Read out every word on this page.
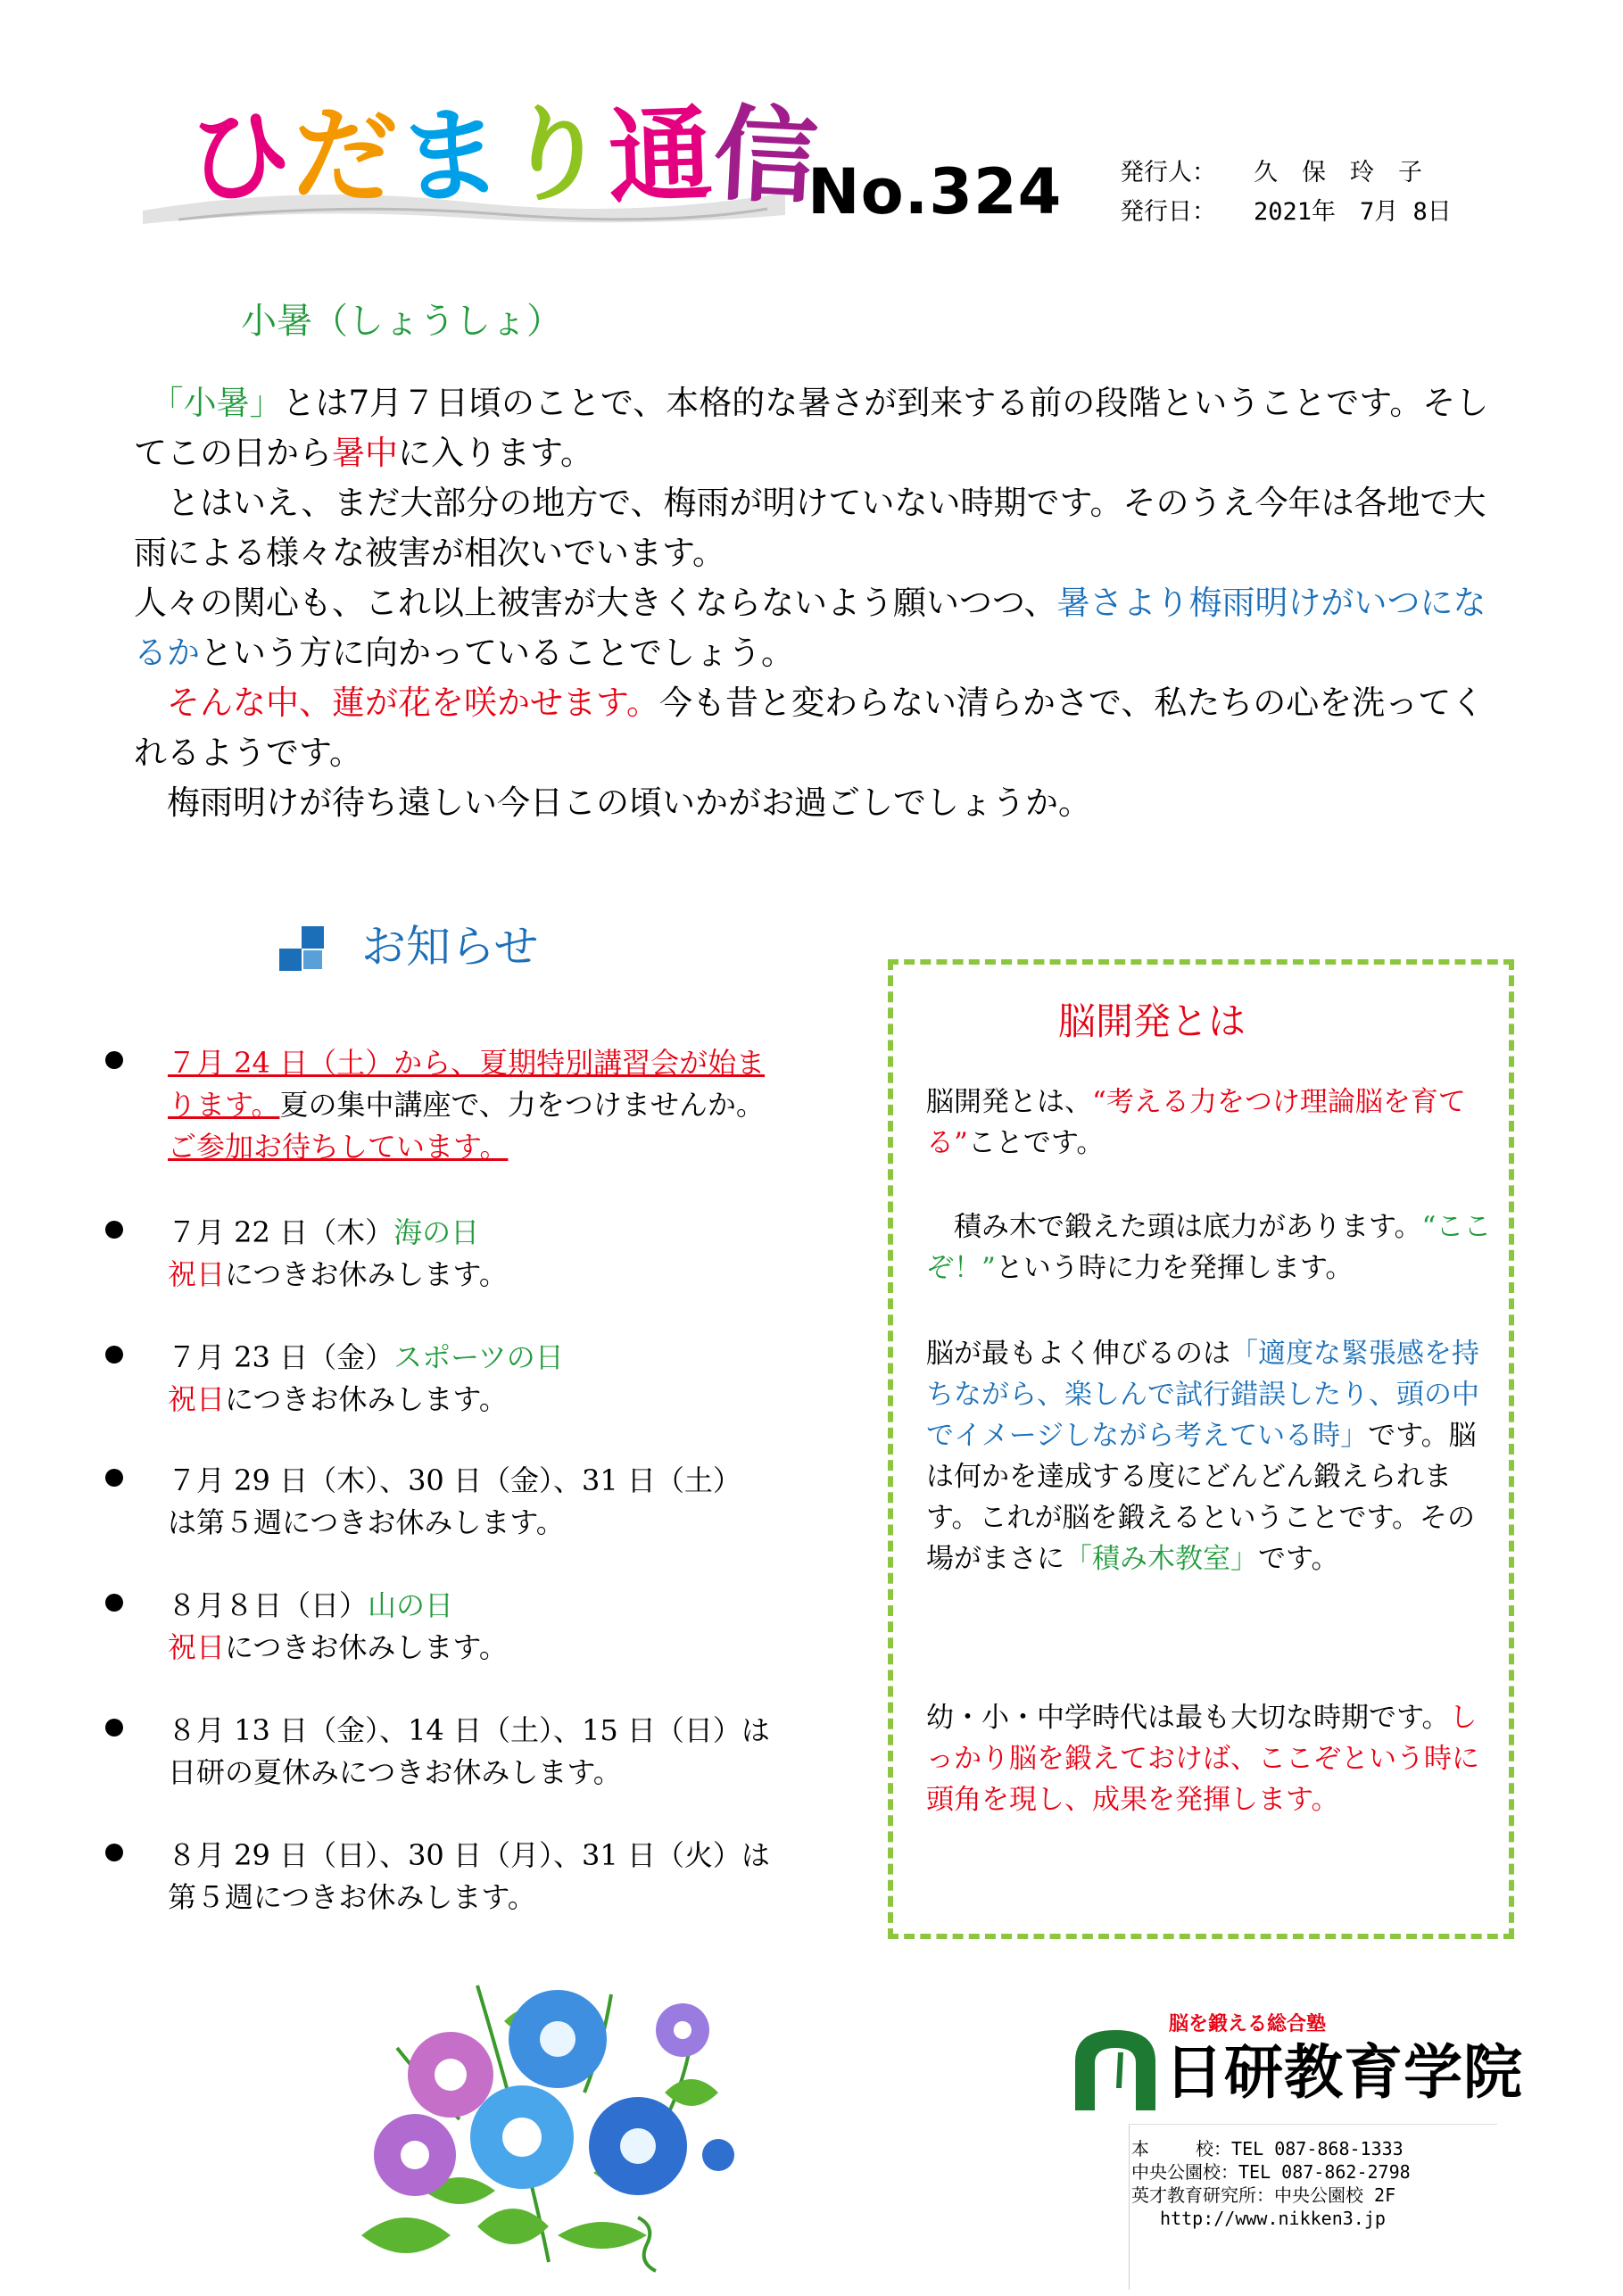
ひだまり通信
No.324 発行人： 久　保　玲　子
発行日： 2021年　7月 8日
小暑（しょうしょ）

　「小暑」とは7月７日頃のことで、本格的な暑さが到来する前の段階ということです。そしてこの日から暑中に入ります。

　とはいえ、まだ大部分の地方で、梅雨が明けていない時期です。そのうえ今年は各地で大雨による様々な被害が相次いでいます。

人々の関心も、これ以上被害が大きくならないよう願いつつ、暑さより梅雨明けがいつになるかという方に向かっていることでしょう。

　そんな中、蓮が花を咲かせます。今も昔と変わらない清らかさで、私たちの心を洗ってくれるようです。

　梅雨明けが待ち遠しい今日この頃いかがお過ごしでしょうか。

お知らせ
７月 24 日（土）から、夏期特別講習会が始まります。夏の集中講座で、力をつけませんか。ご参加お待ちしています。
７月 22 日（木）海の日
祝日につきお休みします。
７月 23 日（金）スポーツの日
祝日につきお休みします。
７月 29 日（木）、30 日（金）、31 日（土）
は第５週につきお休みします。
８月８日（日）山の日
祝日につきお休みします。
８月 13 日（金）、14 日（土）、15 日（日）は
日研の夏休みにつきお休みします。
８月 29 日（日）、30 日（月）、31 日（火）は
第５週につきお休みします。
脳開発とは

脳開発とは、“考える力をつけ理論脳を育てる”ことです。

　積み木で鍛えた頭は底力があります。“ここぞ！”という時に力を発揮します。

脳が最もよく伸びるのは「適度な緊張感を持ちながら、楽しんで試行錯誤したり、頭の中でイメージしながら考えている時」です。脳は何かを達成する度にどんどん鍛えられます。これが脳を鍛えるということです。その場がまさに「積み木教室」です。

幼・小・中学時代は最も大切な時期です。しっかり脳を鍛えておけば、ここぞという時に頭角を現し、成果を発揮します。

脳を鍛える総合塾
日研教育学院
本　　 校：TEL 087-868-1333
中央公園校：TEL 087-862-2798
英才教育研究所：中央公園校 2F
　 http://www.nikken3.jp
